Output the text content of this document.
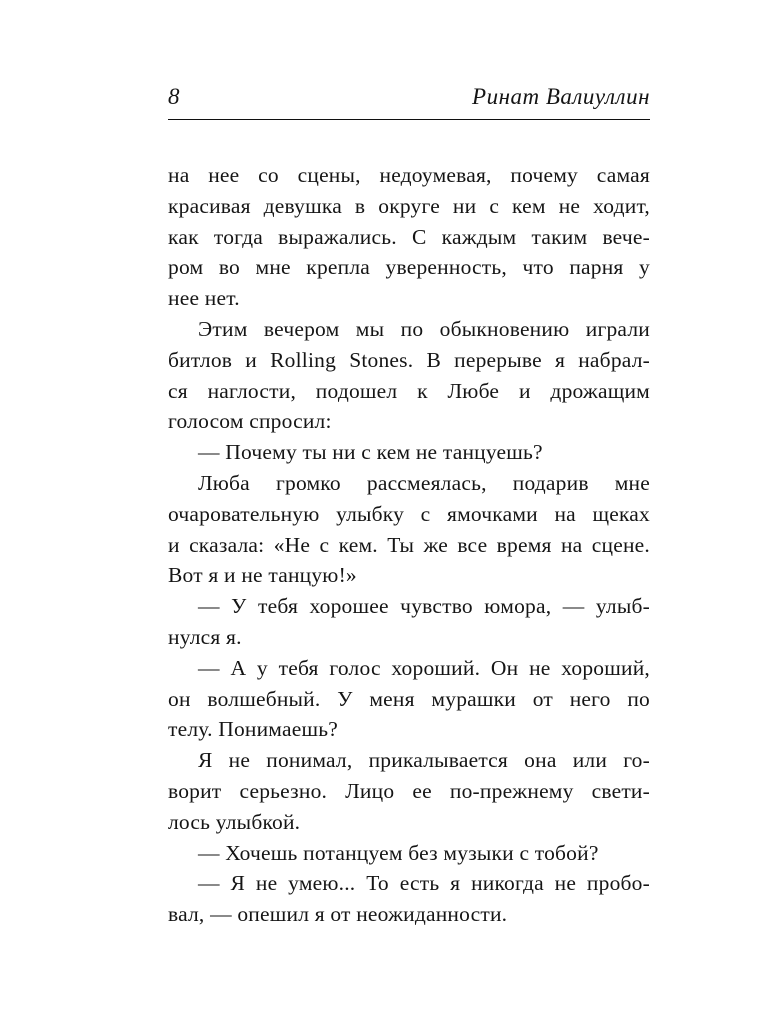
8	Ринат Валиуллин

на нее со сцены, недоумевая, почему самая
красивая девушка в округе ни с кем не ходит,
как тогда выражались. С каждым таким вече-
ром во мне крепла уверенность, что парня у
нее нет.

Этим вечером мы по обыкновению играли
битлов и Rolling Stones. В перерыве я набрал-
ся наглости, подошел к Любе и дрожащим
голосом спросил:

— Почему ты ни с кем не танцуешь?

Люба громко рассмеялась, подарив мне
очаровательную улыбку с ямочками на щеках
и сказала: «Не с кем. Ты же все время на сцене.
Вот я и не танцую!»

— У тебя хорошее чувство юмора, — улыб-
нулся я.

— А у тебя голос хороший. Он не хороший,
он волшебный. У меня мурашки от него по
телу. Понимаешь?

Я не понимал, прикалывается она или го-
ворит серьезно. Лицо ее по-прежнему свети-
лось улыбкой.

— Хочешь потанцуем без музыки с тобой?

— Я не умею... То есть я никогда не пробо-
вал, — опешил я от неожиданности.
